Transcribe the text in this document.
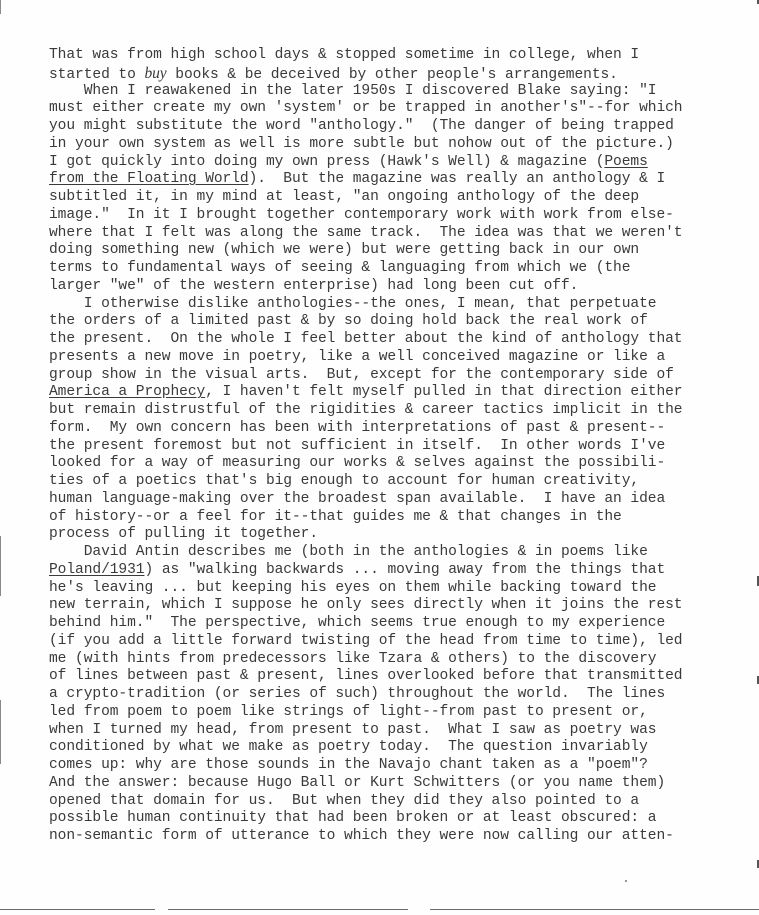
That was from high school days & stopped sometime in college, when I
started to buy books & be deceived by other people's arrangements.
When I reawakened in the later 1950s I discovered Blake saying: "I
must either create my own 'system' or be trapped in another's"--for which
you might substitute the word "anthology."  (The danger of being trapped
in your own system as well is more subtle but nohow out of the picture.)
I got quickly into doing my own press (Hawk's Well) & magazine (Poems
from the Floating World).  But the magazine was really an anthology & I
subtitled it, in my mind at least, "an ongoing anthology of the deep
image."  In it I brought together contemporary work with work from else-
where that I felt was along the same track.  The idea was that we weren't
doing something new (which we were) but were getting back in our own
terms to fundamental ways of seeing & languaging from which we (the
larger "we" of the western enterprise) had long been cut off.
I otherwise dislike anthologies--the ones, I mean, that perpetuate
the orders of a limited past & by so doing hold back the real work of
the present.  On the whole I feel better about the kind of anthology that
presents a new move in poetry, like a well conceived magazine or like a
group show in the visual arts.  But, except for the contemporary side of
America a Prophecy, I haven't felt myself pulled in that direction either
but remain distrustful of the rigidities & career tactics implicit in the
form.  My own concern has been with interpretations of past & present--
the present foremost but not sufficient in itself.  In other words I've
looked for a way of measuring our works & selves against the possibili-
ties of a poetics that's big enough to account for human creativity,
human language-making over the broadest span available.  I have an idea
of history--or a feel for it--that guides me & that changes in the
process of pulling it together.
David Antin describes me (both in the anthologies & in poems like
Poland/1931) as "walking backwards ... moving away from the things that
he's leaving ... but keeping his eyes on them while backing toward the
new terrain, which I suppose he only sees directly when it joins the rest
behind him."  The perspective, which seems true enough to my experience
(if you add a little forward twisting of the head from time to time), led
me (with hints from predecessors like Tzara & others) to the discovery
of lines between past & present, lines overlooked before that transmitted
a crypto-tradition (or series of such) throughout the world.  The lines
led from poem to poem like strings of light--from past to present or,
when I turned my head, from present to past.  What I saw as poetry was
conditioned by what we make as poetry today.  The question invariably
comes up: why are those sounds in the Navajo chant taken as a "poem"?
And the answer: because Hugo Ball or Kurt Schwitters (or you name them)
opened that domain for us.  But when they did they also pointed to a
possible human continuity that had been broken or at least obscured: a
non-semantic form of utterance to which they were now calling our atten-
